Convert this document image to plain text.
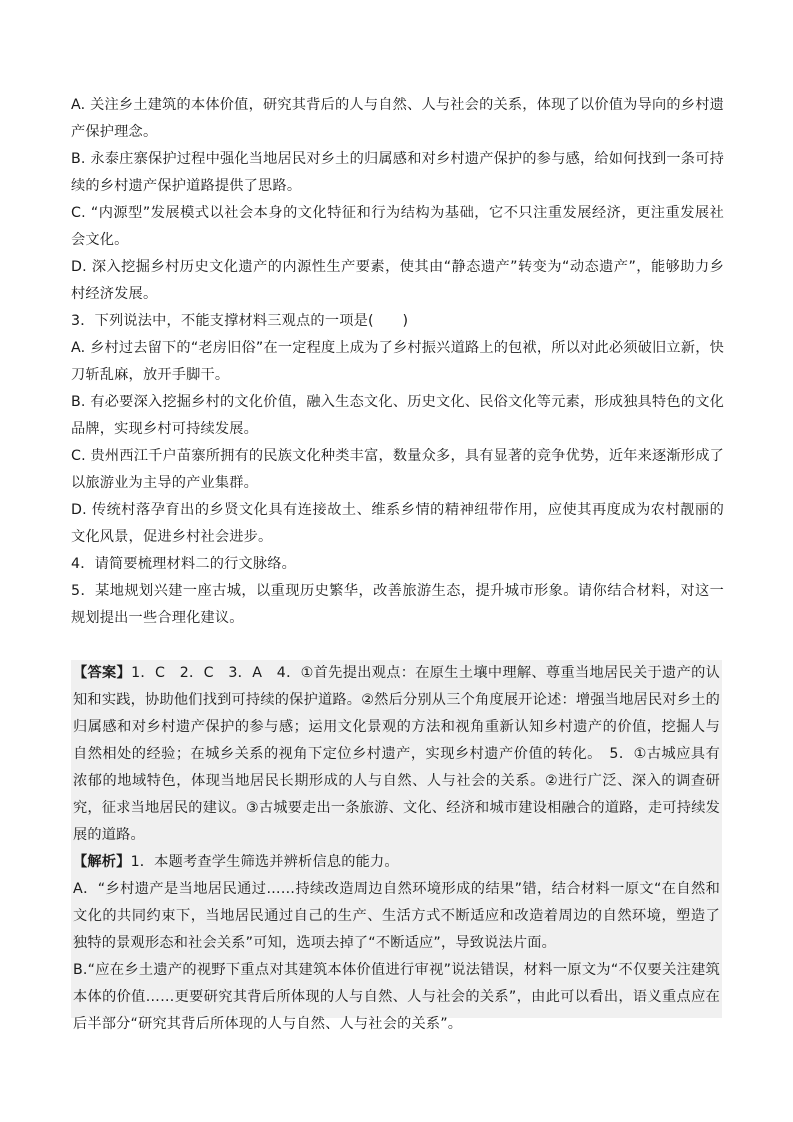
A. 关注乡土建筑的本体价值，研究其背后的人与自然、人与社会的关系，体现了以价值为导向的乡村遗产保护理念。

B. 永泰庄寨保护过程中强化当地居民对乡土的归属感和对乡村遗产保护的参与感，给如何找到一条可持续的乡村遗产保护道路提供了思路。

C. “内源型”发展模式以社会本身的文化特征和行为结构为基础，它不只注重发展经济，更注重发展社会文化。

D. 深入挖掘乡村历史文化遗产的内源性生产要素，使其由“静态遗产”转变为“动态遗产”，能够助力乡村经济发展。

3．下列说法中，不能支撑材料三观点的一项是(　　)

A. 乡村过去留下的“老房旧俗”在一定程度上成为了乡村振兴道路上的包袱，所以对此必须破旧立新，快刀斩乱麻，放开手脚干。

B. 有必要深入挖掘乡村的文化价值，融入生态文化、历史文化、民俗文化等元素，形成独具特色的文化品牌，实现乡村可持续发展。

C. 贵州西江千户苗寨所拥有的民族文化种类丰富，数量众多，具有显著的竞争优势，近年来逐渐形成了以旅游业为主导的产业集群。

D. 传统村落孕育出的乡贤文化具有连接故土、维系乡情的精神纽带作用，应使其再度成为农村靓丽的文化风景，促进乡村社会进步。

4．请简要梳理材料二的行文脉络。

5．某地规划兴建一座古城，以重现历史繁华，改善旅游生态，提升城市形象。请你结合材料，对这一规划提出一些合理化建议。

【答案】1．C　2．C　3．A　4．①首先提出观点：在原生土壤中理解、尊重当地居民关于遗产的认知和实践，协助他们找到可持续的保护道路。②然后分别从三个角度展开论述：增强当地居民对乡土的归属感和对乡村遗产保护的参与感；运用文化景观的方法和视角重新认知乡村遗产的价值，挖掘人与自然相处的经验；在城乡关系的视角下定位乡村遗产，实现乡村遗产价值的转化。　5．①古城应具有浓郁的地域特色，体现当地居民长期形成的人与自然、人与社会的关系。②进行广泛、深入的调查研究，征求当地居民的建议。③古城要走出一条旅游、文化、经济和城市建设相融合的道路，走可持续发展的道路。

【解析】1．本题考查学生筛选并辨析信息的能力。

A．“乡村遗产是当地居民通过……持续改造周边自然环境形成的结果”错，结合材料一原文“在自然和文化的共同约束下，当地居民通过自己的生产、生活方式不断适应和改造着周边的自然环境，塑造了独特的景观形态和社会关系”可知，选项去掉了“不断适应”，导致说法片面。

B.“应在乡土遗产的视野下重点对其建筑本体价值进行审视”说法错误，材料一原文为“不仅要关注建筑本体的价值……更要研究其背后所体现的人与自然、人与社会的关系”，由此可以看出，语义重点应在后半部分“研究其背后所体现的人与自然、人与社会的关系”。
